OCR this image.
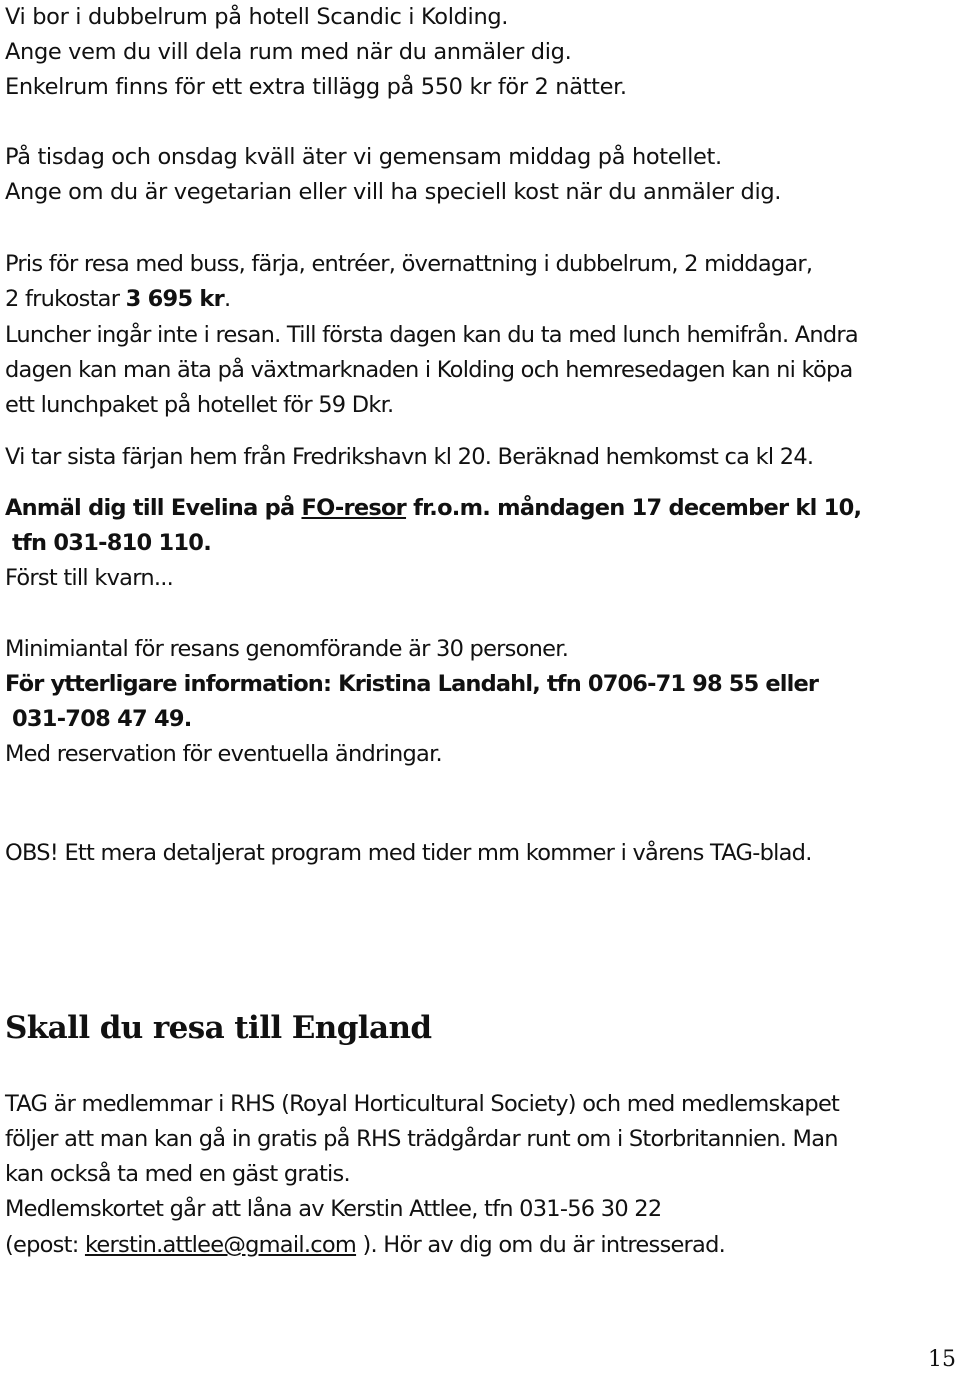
Vi bor i dubbelrum på hotell Scandic i Kolding.

Ange vem du vill dela rum med när du anmäler dig.

Enkelrum finns för ett extra tillägg på 550 kr för 2 nätter.

På tisdag och onsdag kväll äter vi gemensam middag på hotellet.

Ange om du är vegetarian eller vill ha speciell kost när du anmäler dig.

Pris för resa med buss, färja, entréer, övernattning i dubbelrum, 2 middagar,

2 frukostar 3 695 kr.

Luncher ingår inte i resan. Till första dagen kan du ta med lunch hemifrån. Andra

dagen kan man äta på växtmarknaden i Kolding och hemresedagen kan ni köpa

ett lunchpaket på hotellet för 59 Dkr.

Vi tar sista färjan hem från Fredrikshavn kl 20. Beräknad hemkomst ca kl 24.

Anmäl dig till Evelina på FO-resor fr.o.m. måndagen 17 december kl 10,

tfn 031-810 110.

Först till kvarn...

Minimiantal för resans genomförande är 30 personer.

För ytterligare information: Kristina Landahl, tfn 0706-71 98 55 eller

031-708 47 49.

Med reservation för eventuella ändringar.

OBS! Ett mera detaljerat program med tider mm kommer i vårens TAG-blad.

Skall du resa till England

TAG är medlemmar i RHS (Royal Horticultural Society) och med medlemskapet

följer att man kan gå in gratis på RHS trädgårdar runt om i Storbritannien. Man

kan också ta med en gäst gratis.

Medlemskortet går att låna av Kerstin Attlee, tfn 031-56 30 22

(epost: kerstin.attlee@gmail.com ). Hör av dig om du är intresserad.

15
